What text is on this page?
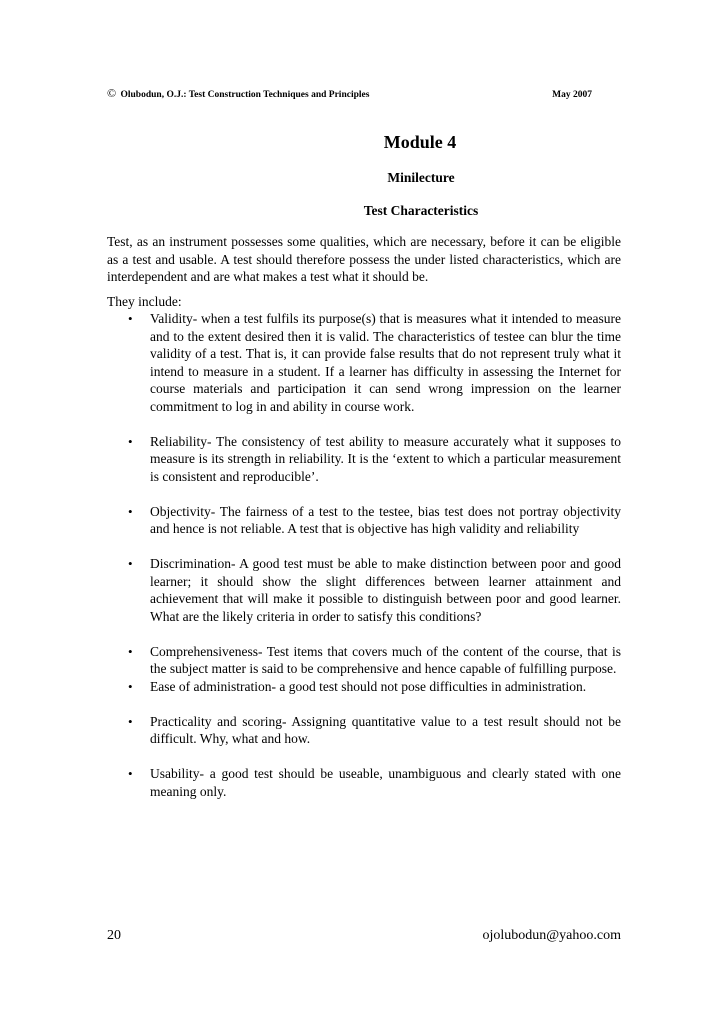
© Olubodun, O.J.: Test Construction Techniques and Principles	May 2007
Module 4
Minilecture
Test Characteristics

Test, as an instrument possesses some qualities, which are necessary, before it can be eligible as a test and usable. A test should therefore possess the under listed characteristics, which are interdependent and are what makes a test what it should be.

They include:

• Validity- when a test fulfils its purpose(s) that is measures what it intended to measure and to the extent desired then it is valid. The characteristics of testee can blur the time validity of a test. That is, it can provide false results that do not represent truly what it intend to measure in a student. If a learner has difficulty in assessing the Internet for course materials and participation it can send wrong impression on the learner commitment to log in and ability in course work.
• Reliability- The consistency of test ability to measure accurately what it supposes to measure is its strength in reliability. It is the ‘extent to which a particular measurement is consistent and reproducible’.
• Objectivity- The fairness of a test to the testee, bias test does not portray objectivity and hence is not reliable. A test that is objective has high validity and reliability
• Discrimination- A good test must be able to make distinction between poor and good learner; it should show the slight differences between learner attainment and achievement that will make it possible to distinguish between poor and good learner. What are the likely criteria in order to satisfy this conditions?
• Comprehensiveness- Test items that covers much of the content of the course, that is the subject matter is said to be comprehensive and hence capable of fulfilling purpose.
• Ease of administration- a good test should not pose difficulties in administration.
• Practicality and scoring- Assigning quantitative value to a test result should not be difficult. Why, what and how.
• Usability- a good test should be useable, unambiguous and clearly stated with one meaning only.
20	ojolubodun@yahoo.com
